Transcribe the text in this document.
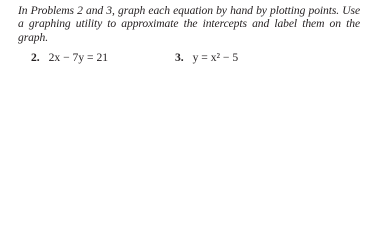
In Problems 2 and 3, graph each equation by hand by plotting points. Use a graphing utility to approximate the intercepts and label them on the graph.

2. 2x − 7y = 21	3. y = x² − 5
